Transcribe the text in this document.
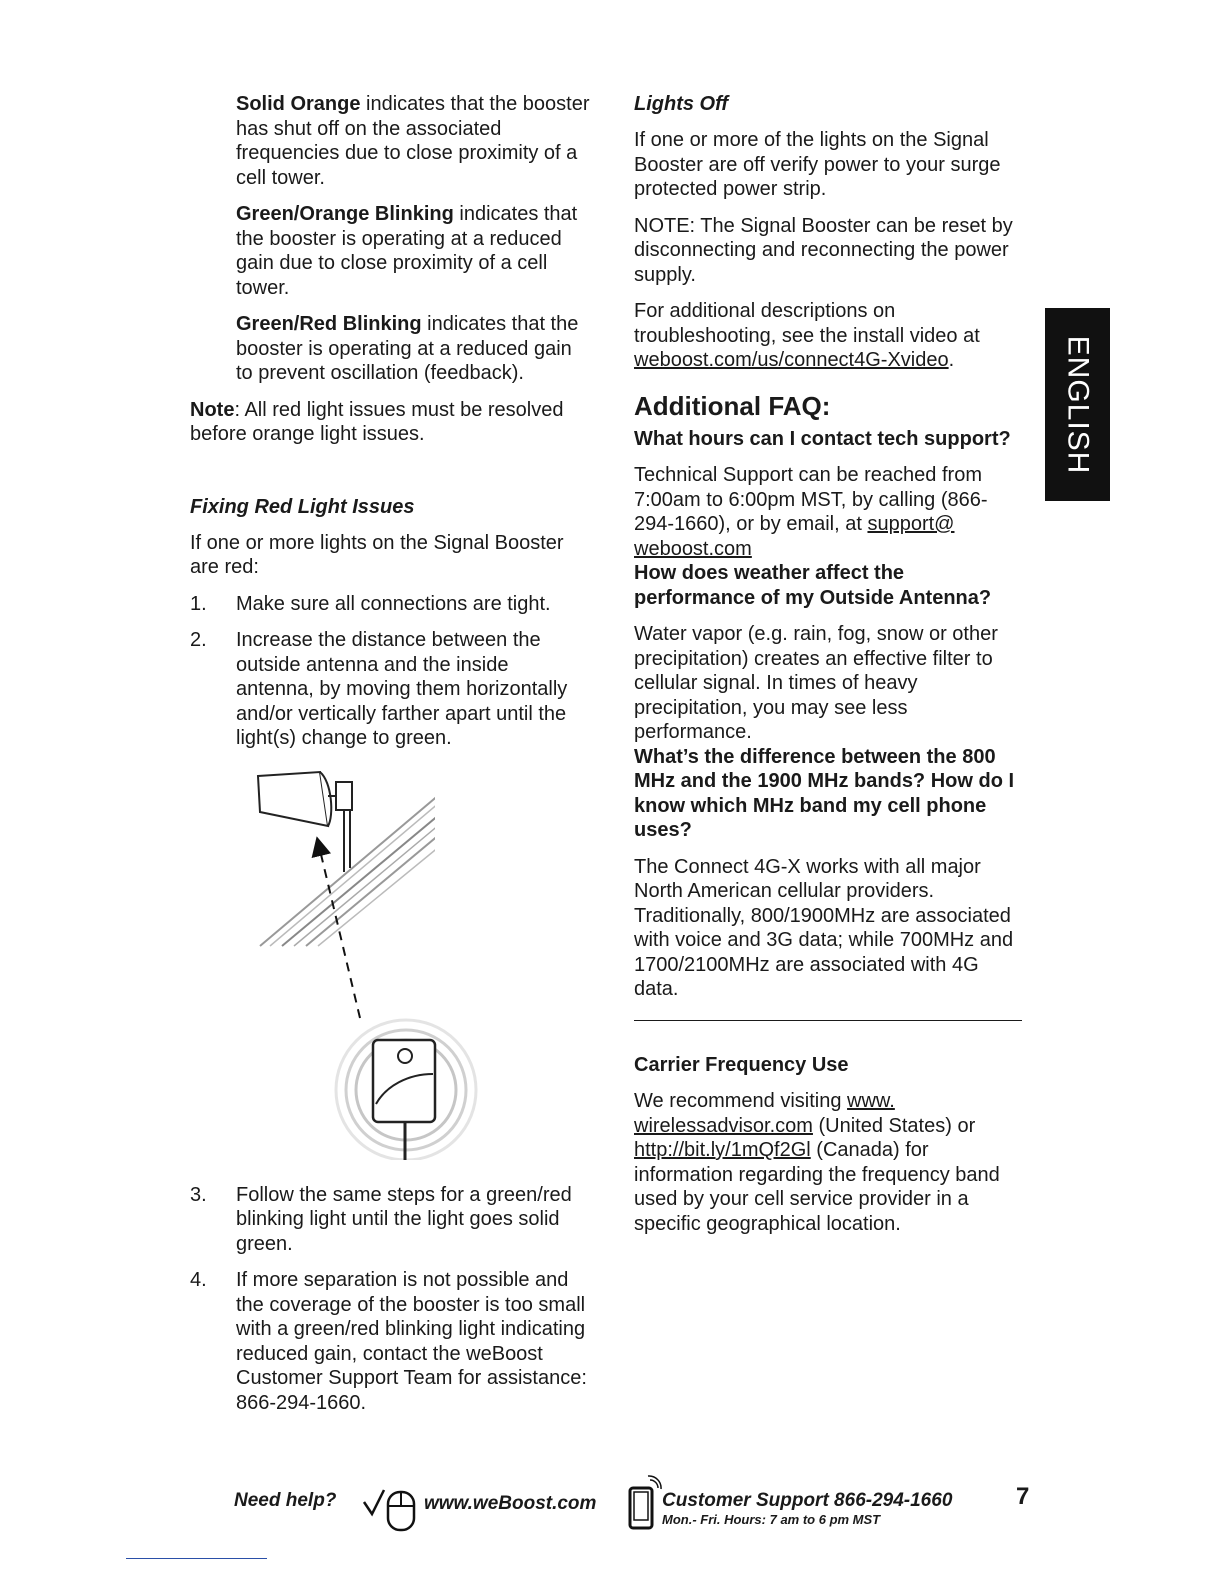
Solid Orange indicates that the booster has shut off on the associated frequencies due to close proximity of a cell tower.

Green/Orange Blinking indicates that the booster is operating at a reduced gain due to close proximity of a cell tower.

Green/Red Blinking indicates that the booster is operating at a reduced gain to prevent oscillation (feedback).

Note: All red light issues must be resolved before orange light issues.

Fixing Red Light Issues

If one or more lights on the Signal Booster are red:

1.	Make sure all connections are tight.
2.	Increase the distance between the outside antenna and the inside antenna, by moving them horizontally and/or vertically farther apart until the light(s) change to green.
3.	Follow the same steps for a green/red blinking light until the light goes solid green.
4.	If more separation is not possible and the coverage of the booster is too small with a green/red blinking light indicating reduced gain, contact the weBoost Customer Support Team for assistance: 866-294-1660.

Lights Off

If one or more of the lights on the Signal Booster are off verify power to your surge protected power strip.

NOTE: The Signal Booster can be reset by disconnecting and reconnecting the power supply.

For additional descriptions on troubleshooting, see the install video at weboost.com/us/connect4G-Xvideo.

Additional FAQ:

What hours can I contact tech support?

Technical Support can be reached from 7:00am to 6:00pm MST, by calling (866-294-1660), or by email, at support@ weboost.com

How does weather affect the performance of my Outside Antenna?

Water vapor (e.g. rain, fog, snow or other precipitation) creates an effective filter to cellular signal. In times of heavy precipitation, you may see less performance.

What’s the difference between the 800 MHz and the 1900 MHz bands? How do I know which MHz band my cell phone uses?

The Connect 4G-X works with all major North American cellular providers. Traditionally, 800/1900MHz are associated with voice and 3G data; while 700MHz and 1700/2100MHz are associated with 4G data.

Carrier Frequency Use

We recommend visiting www. wirelessadvisor.com (United States) or http://bit.ly/1mQf2Gl (Canada) for information regarding the frequency band used by your cell service provider in a specific geographical location.

ENGLISH
Need help?	www.weBoost.com	Customer Support 866-294-1660
Mon.- Fri. Hours: 7 am to 6 pm MST
7
